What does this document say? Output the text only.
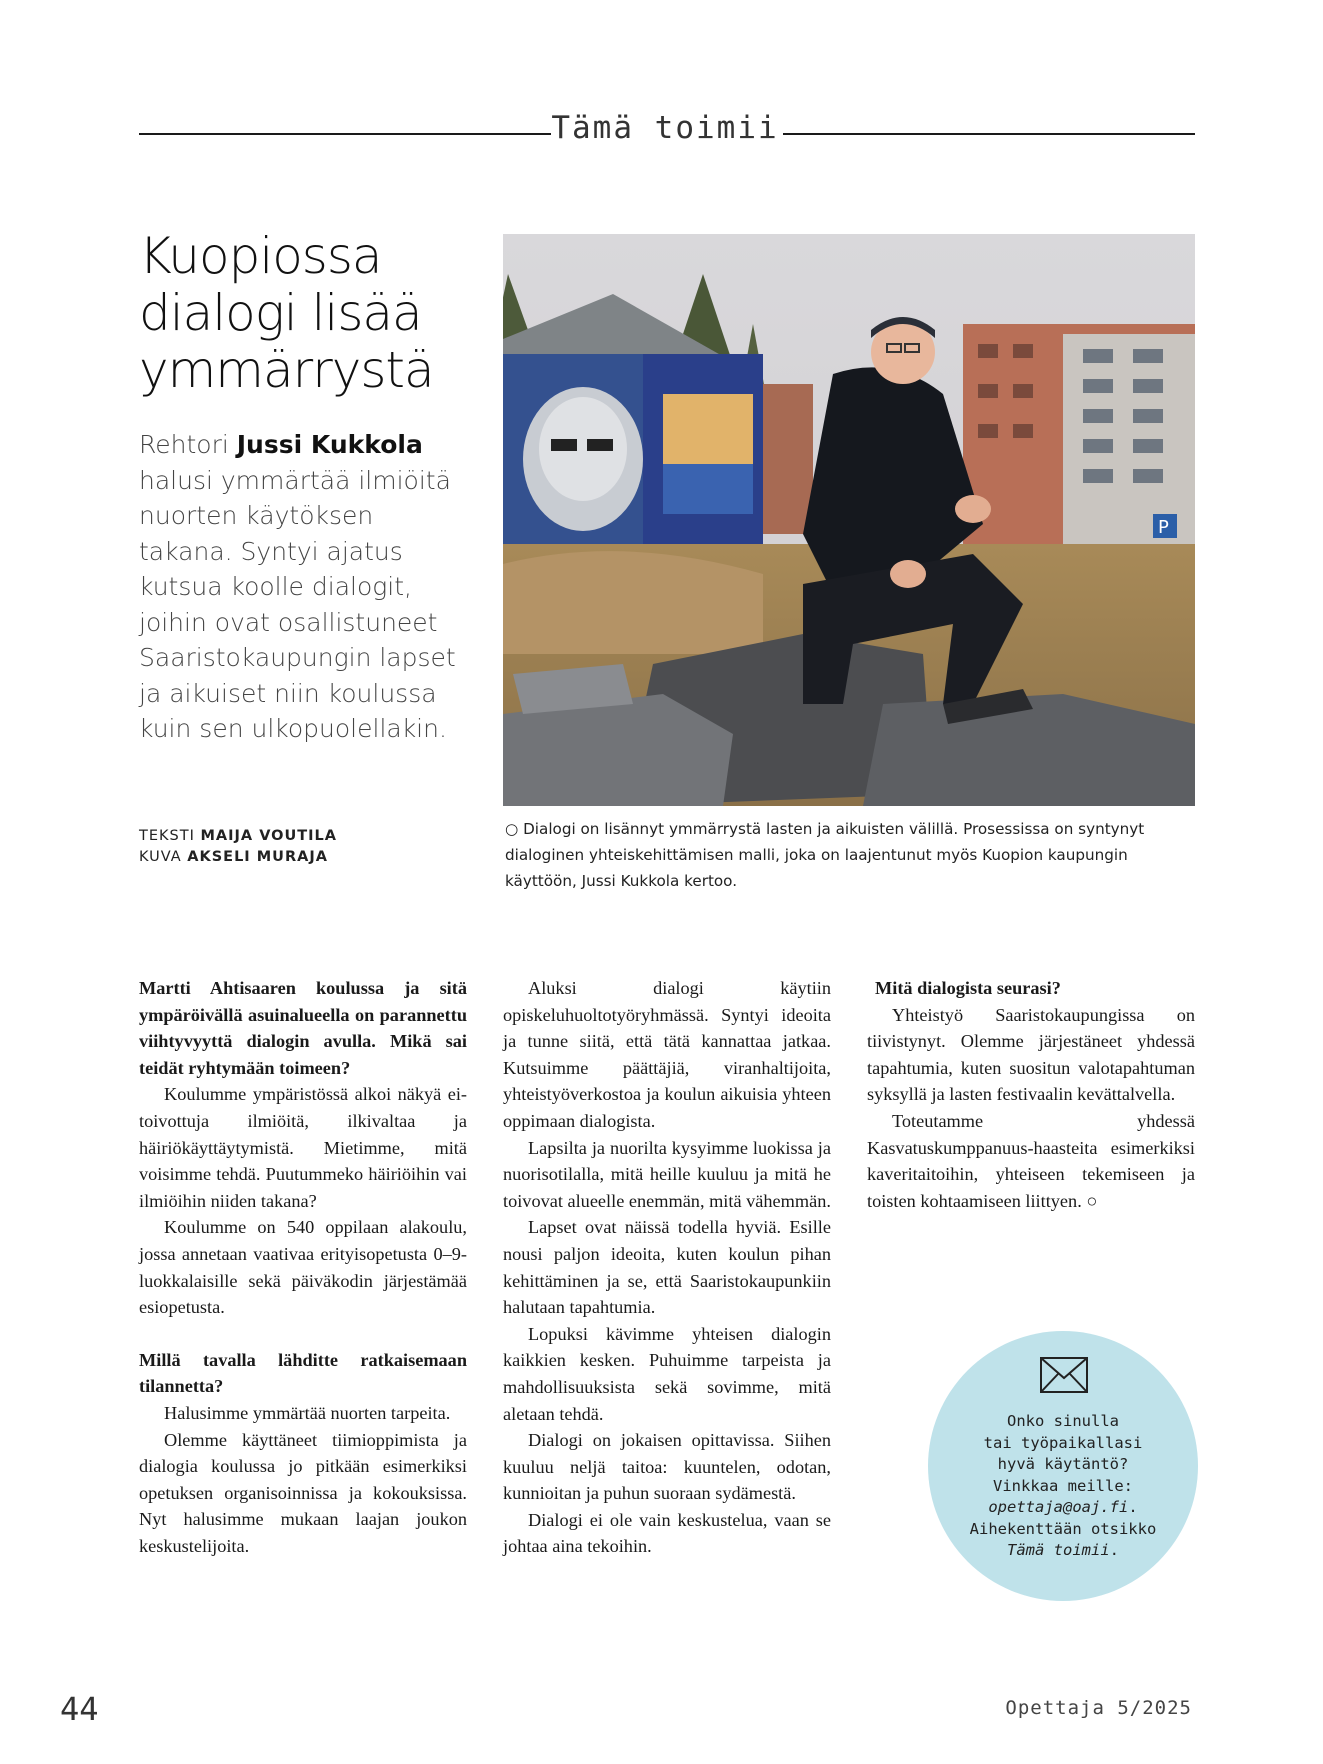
Tämä toimii
Kuopiossa dialogi lisää ymmärrystä
Rehtori Jussi Kukkola halusi ymmärtää ilmiöitä nuorten käytöksen takana. Syntyi ajatus kutsua koolle dialogit, joihin ovat osallistuneet Saaristokaupungin lapset ja aikuiset niin koulussa kuin sen ulkopuolellakin.
TEKSTI MAIJA VOUTILA
KUVA AKSELI MURAJA
P
○ Dialogi on lisännyt ymmärrystä lasten ja aikuisten välillä. Prosessissa on syntynyt dialoginen yhteiskehittämisen malli, joka on laajentunut myös Kuopion kaupungin käyttöön, Jussi Kukkola kertoo.

Martti Ahtisaaren koulussa ja sitä ympäröivällä asuinalueella on parannettu viihtyvyyttä dialogin avulla. Mikä sai teidät ryhtymään toimeen?

Koulumme ympäristössä alkoi näkyä ei-toivottuja ilmiöitä, ilkivaltaa ja häiriökäyttäytymistä. Mietimme, mitä voisimme tehdä. Puutummeko häiriöihin vai ilmiöihin niiden takana?

Koulumme on 540 oppilaan alakoulu, jossa annetaan vaativaa erityisopetusta 0–9-luokkalaisille sekä päiväkodin järjestämää esiopetusta.

Millä tavalla lähditte ratkaisemaan tilannetta?

Halusimme ymmärtää nuorten tarpeita.

Olemme käyttäneet tiimioppimista ja dialogia koulussa jo pitkään esimerkiksi opetuksen organisoinnissa ja kokouksissa. Nyt halusimme mukaan laajan joukon keskustelijoita.

Aluksi dialogi käytiin opiskeluhuoltotyöryhmässä. Syntyi ideoita ja tunne siitä, että tätä kannattaa jatkaa. Kutsuimme päättäjiä, viranhaltijoita, yhteistyöverkostoa ja koulun aikuisia yhteen oppimaan dialogista.

Lapsilta ja nuorilta kysyimme luokissa ja nuorisotilalla, mitä heille kuuluu ja mitä he toivovat alueelle enemmän, mitä vähemmän.

Lapset ovat näissä todella hyviä. Esille nousi paljon ideoita, kuten koulun pihan kehittäminen ja se, että Saaristokaupunkiin halutaan tapahtumia.

Lopuksi kävimme yhteisen dialogin kaikkien kesken. Puhuimme tarpeista ja mahdollisuuksista sekä sovimme, mitä aletaan tehdä.

Dialogi on jokaisen opittavissa. Siihen kuuluu neljä taitoa: kuuntelen, odotan, kunnioitan ja puhun suoraan sydämestä.

Dialogi ei ole vain keskustelua, vaan se johtaa aina tekoihin.

Mitä dialogista seurasi?

Yhteistyö Saaristokaupungissa on tiivistynyt. Olemme järjestäneet yhdessä tapahtumia, kuten suositun valotapahtuman syksyllä ja lasten festivaalin kevättalvella.

Toteutamme yhdessä Kasvatuskumppanuus-haasteita esimerkiksi kaveritaitoihin, yhteiseen tekemiseen ja toisten kohtaamiseen liittyen. ○

Onko sinulla
tai työpaikallasi
hyvä käytäntö?
Vinkkaa meille:
opettaja@oaj.fi.
Aihekenttään otsikko
Tämä toimii.
44	Opettaja 5/2025
